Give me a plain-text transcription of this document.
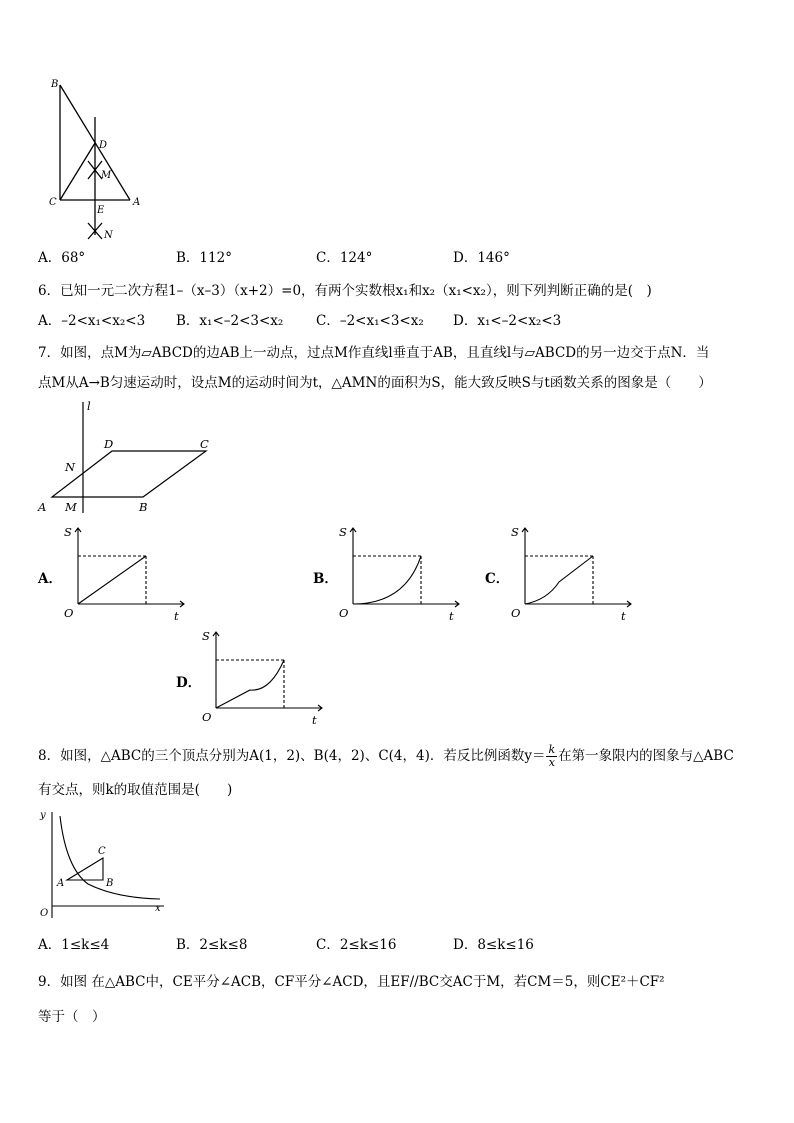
B
D
M
C
E
A
N
A．68°	B．112°	C．124°	D．146°
6．已知一元二次方程1–（x–3）（x+2）=0，有两个实数根x₁和x₂（x₁<x₂），则下列判断正确的是(　)
A．–2<x₁<x₂<3 B．x₁<–2<3<x₂ C．–2<x₁<3<x₂ D．x₁<–2<x₂<3
7．如图，点M为▱ABCD的边AB上一动点，过点M作直线l垂直于AB，且直线l与▱ABCD的另一边交于点N．当
点M从A→B匀速运动时，设点M的运动时间为t，△AMN的面积为S，能大致反映S与t函数关系的图象是（　　）
l
D	C
N
A M	B
A．
S
O	t
B．
S
O	t
C．
S
O	t
D．
S
O	t
8．如图，△ABC的三个顶点分别为A(1，2)、B(4，2)、C(4，4)．若反比例函数$y= \frac{k}{x}$ 在第一象限内的图象与△ABC
有交点，则k的取值范围是(　　)
y
C
A	B
O	x
A．1≤k≤4	B．2≤k≤8	C．2≤k≤16	D．8≤k≤16
9．如图 在△ABC中，CE平分∠ACB，CF平分∠ACD，且EF//BC交AC于M，若CM＝5，则CE²＋CF²
等于（　）
